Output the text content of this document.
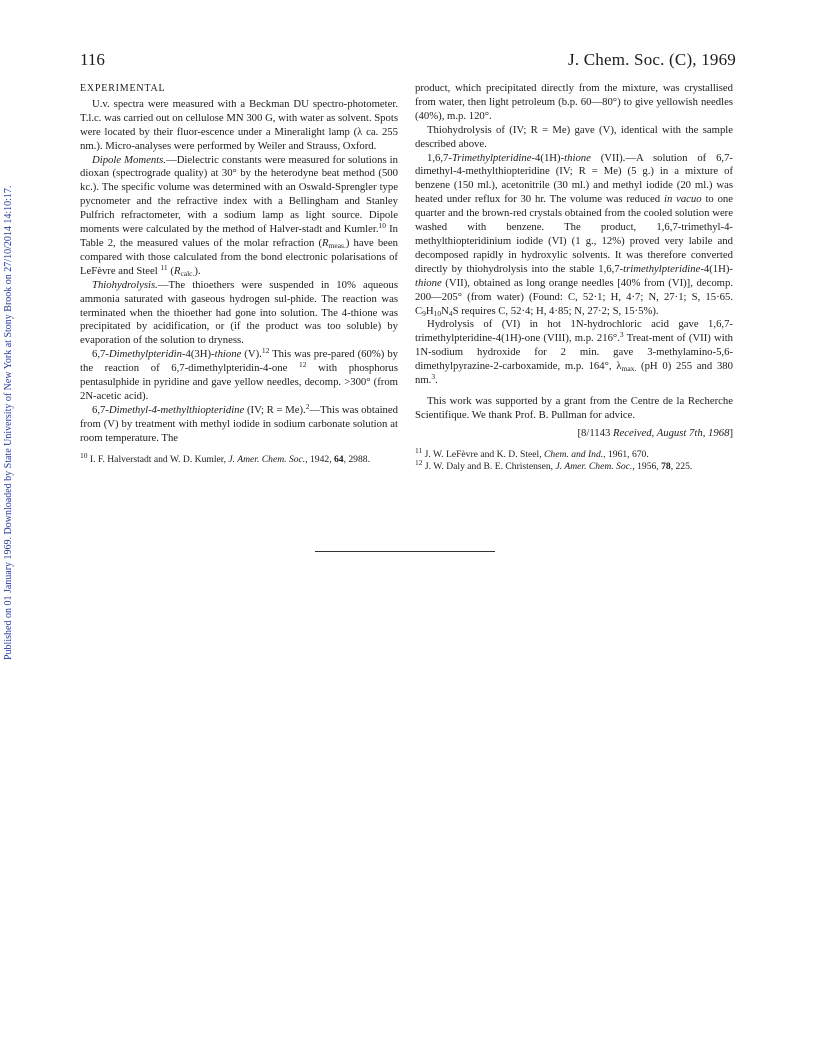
Published on 01 January 1969. Downloaded by State University of New York at Stony Brook on 27/10/2014 14:10:17.
116	J. Chem. Soc. (C), 1969
EXPERIMENTAL

U.v. spectra were measured with a Beckman DU spectro-photometer. T.l.c. was carried out on cellulose MN 300 G, with water as solvent. Spots were located by their fluor-escence under a Mineralight lamp (λ ca. 255 nm.). Micro-analyses were performed by Weiler and Strauss, Oxford.

Dipole Moments.—Dielectric constants were measured for solutions in dioxan (spectrograde quality) at 30° by the heterodyne beat method (500 kc.). The specific volume was determined with an Oswald-Sprengler type pycnometer and the refractive index with a Bellingham and Stanley Pulfrich refractometer, with a sodium lamp as light source. Dipole moments were calculated by the method of Halver-stadt and Kumler.$^{10}$ In Table 2, the measured values of the molar refraction $(R_{meas.})$ have been compared with those calculated from the bond electronic polarisations of LeFèvre and Steel $^{11}$ $(R_{calc.})$.

Thiohydrolysis.—The thioethers were suspended in 10% aqueous ammonia saturated with gaseous hydrogen sul-phide. The reaction was terminated when the thioether had gone into solution. The 4-thione was precipitated by acidification, or (if the product was too soluble) by evaporation of the solution to dryness.

6,7-Dimethylpteridin-4(3H)-thione (V).$^{12}$ This was pre-pared (60%) by the reaction of 6,7-dimethylpteridin-4-one $^{12}$ with phosphorus pentasulphide in pyridine and gave yellow needles, decomp. >300° (from 2N-acetic acid).

6,7-Dimethyl-4-methylthiopteridine (IV; R = Me).$^2$—This was obtained from (V) by treatment with methyl iodide in sodium carbonate solution at room temperature. The

$^{10}$ I. F. Halverstadt and W. D. Kumler, J. Amer. Chem. Soc., 1942, 64, 2988.

product, which precipitated directly from the mixture, was crystallised from water, then light petroleum (b.p. 60—80°) to give yellowish needles (40%), m.p. 120°.

Thiohydrolysis of (IV; R = Me) gave (V), identical with the sample described above.

1,6,7-Trimethylpteridine-4(1H)-thione (VII).—A solution of 6,7-dimethyl-4-methylthiopteridine (IV; R = Me) (5 g.) in a mixture of benzene (150 ml.), acetonitrile (30 ml.) and methyl iodide (20 ml.) was heated under reflux for 30 hr. The volume was reduced in vacuo to one quarter and the brown-red crystals obtained from the cooled solution were washed with benzene. The product, 1,6,7-trimethyl-4-methylthiopteridinium iodide (VI) (1 g., 12%) proved very labile and decomposed rapidly in hydroxylic solvents. It was therefore converted directly by thiohydrolysis into the stable 1,6,7-trimethylpteridine-4(1H)-thione (VII), obtained as long orange needles [40% from (VI)], decomp. 200—205° (from water) (Found: C, 52·1; H, 4·7; N, 27·1; S, 15·65. $C_9H_{10}N_4S$ requires C, 52·4; H, 4·85; N, 27·2; S, 15·5%).

Hydrolysis of (VI) in hot 1N-hydrochloric acid gave 1,6,7-trimethylpteridine-4(1H)-one (VIII), m.p. 216°.$^3$ Treat-ment of (VII) with 1N-sodium hydroxide for 2 min. gave 3-methylamino-5,6-dimethylpyrazine-2-carboxamide, m.p. 164°, $\lambda_{max.}$ (pH 0) 255 and 380 nm.$^3$.

This work was supported by a grant from the Centre de la Recherche Scientifique. We thank Prof. B. Pullman for advice.

[8/1143 Received, August 7th, 1968]
$^{11}$ J. W. LeFèvre and K. D. Steel, Chem. and Ind., 1961, 670.
$^{12}$ J. W. Daly and B. E. Christensen, J. Amer. Chem. Soc., 1956, 78, 225.
